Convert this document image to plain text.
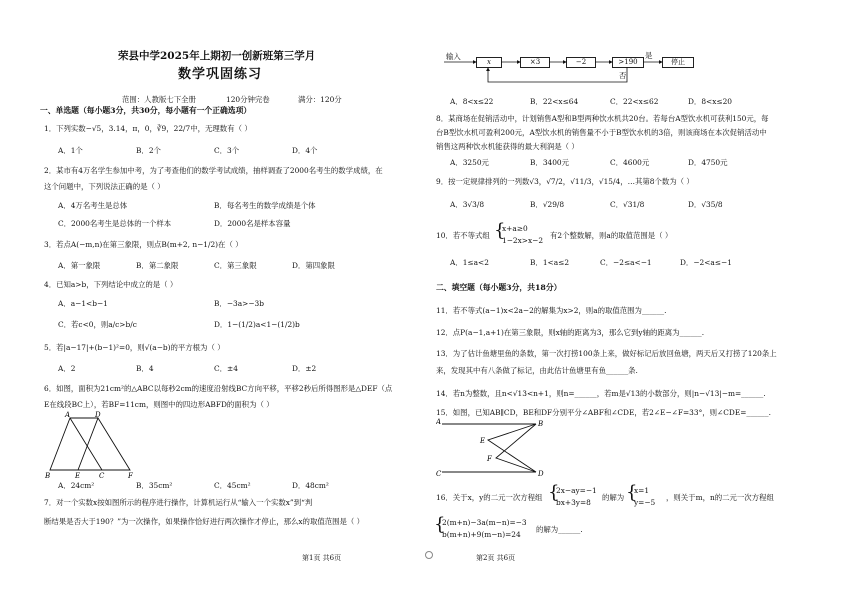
荣县中学2025年上期初一创新班第三学月
数学巩固练习
范围：人教版七下全册	120分钟完卷	满分：120分
一、单选题（每小题3分，共30分，每小题有一个正确选项）
1．下列实数−√5，3.14，π，0，∛9，22/7中，无理数有（ ）
A．1个	B．2个	C．3个	D．4个
2．某市有4万名学生参加中考，为了考查他们的数学考试成绩，抽样调查了2000名考生的数学成绩，在
这个问题中，下列说法正确的是（ ）
A．4万名考生是总体	B．每名考生的数学成绩是个体
C．2000名考生是总体的一个样本	D．2000名是样本容量
3．若点A(−m,n)在第三象限，则点B(m+2, n−1/2)在（ ）
A．第一象限	B．第二象限	C．第三象限	D．第四象限
4．已知a>b，下列结论中成立的是（ ）
A．a−1<b−1	B．−3a>−3b
C．若c<0，则a/c>b/c	D．1−(1/2)a<1−(1/2)b
5．若|a−17|+(b−1)²=0，则√(a−b)的平方根为（ ）
A．2	B．4	C．±4	D．±2
6．如图，面积为21cm²的△ABC以每秒2cm的速度沿射线BC方向平移，平移2秒后所得图形是△DEF（点
E在线段BC上），若BF=11cm，则图中的四边形ABFD的面积为（ ）
A	D
B	E	C	F
A．24cm²	B．35cm²	C．45cm²	D．48cm²
7．对一个实数x按如图所示的程序进行操作，计算机运行从“输入一个实数x”到“判
断结果是否大于190？”为一次操作，如果操作恰好进行两次操作才停止，那么x的取值范围是（ ）
第1页 共6页
输入
x	×3	−2	>190	停止
是
否
A．8<x≤22	B．22<x≤64	C．22<x≤62	D．8<x≤20
8．某商场在促销活动中，计划销售A型和B型两种饮水机共20台。若每台A型饮水机可获利150元，每
台B型饮水机可盈利200元，A型饮水机的销售量不小于B型饮水机的3倍，则该商场在本次促销活动中
销售这两种饮水机能获得的最大利润是（ ）
A．3250元	B．3400元	C．4600元	D．4750元
9．按一定规律排列的一列数√3，√7/2，√11/3，√15/4，…其第8个数为（ ）
A．3√3/8	B．√29/8	C．√31/8	D．√35/8
10．若不等式组 {
x+a≥0
1−2x>x−2
有2个整数解，则a的取值范围是（ ）
A．1≤a<2	B．1<a≤2	C．−2≤a<−1	D．−2<a≤−1
二、填空题（每小题3分，共18分）
11．若不等式(a−1)x<2a−2的解集为x>2，则a的取值范围为______.
12．点P(a−1,a+1)在第三象限，则x轴的距离为3，那么它到y轴的距离为______.
13．为了估计鱼塘里鱼的条数，第一次打捞100条上来，做好标记后放回鱼塘，两天后又打捞了120条上
来，发现其中有八条做了标记，由此估计鱼塘里有鱼______条.
14．若n为整数，且n<√13<n+1，则n=______，若m是√13的小数部分，则|n−√13|−m=______.
15．如图，已知AB∥CD，BE和DF分别平分∠ABF和∠CDE，若2∠E−∠F=33°，则∠CDE=______.
A	B
E
F
C	D
16．关于x，y的二元一次方程组 {
2x−ay=−1
bx+3y=8
的解为 {
x=1
y=−5
，则关于m，n的二元一次方程组
{
2(m+n)−3a(m−n)=−3
b(m+n)+9(m−n)=24
的解为______.
第2页 共6页
